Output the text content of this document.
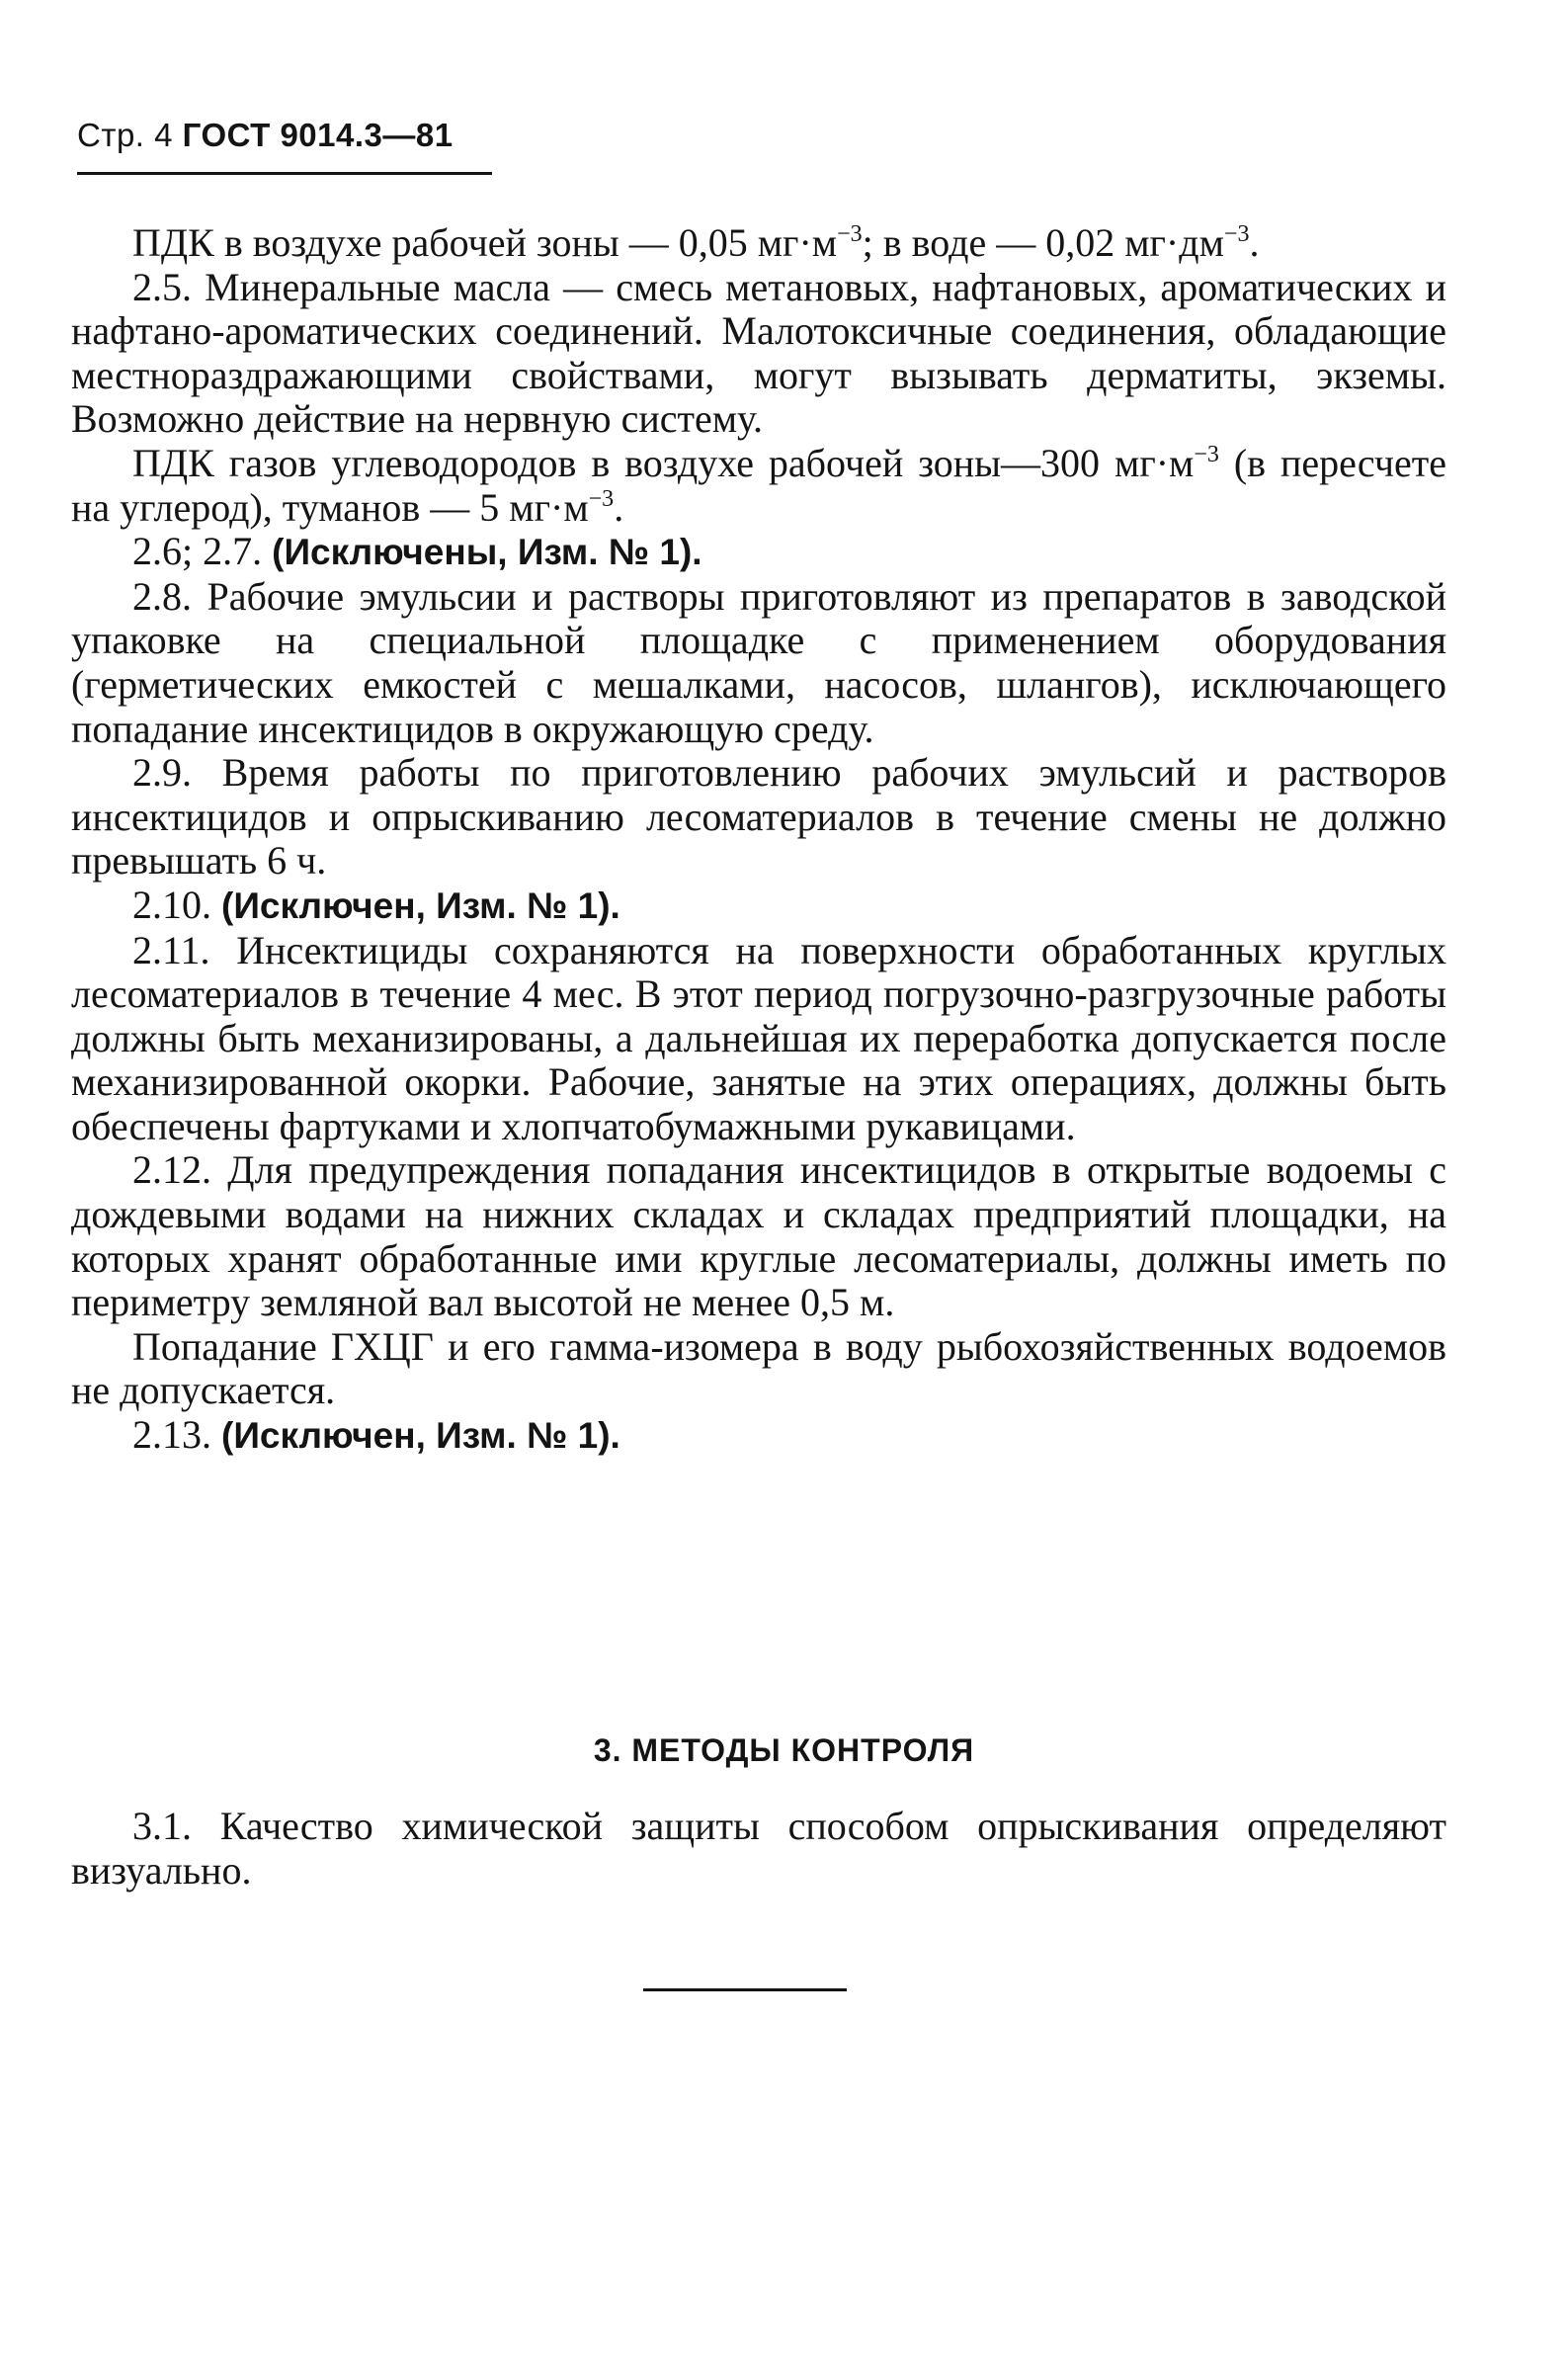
Стр. 4 ГОСТ 9014.3—81

ПДК в воздухе рабочей зоны — 0,05 $мг\cdot м^{-3}$; в воде — 0,02 $мг\cdot дм^{-3}$.

2.5. Минеральные масла — смесь метановых, нафтановых, ароматических и нафтано-ароматических соединений. Малотоксичные соединения, обладающие местнораздражающими свойствами, могут вызывать дерматиты, экземы. Возможно действие на нервную систему.

ПДК газов углеводородов в воздухе рабочей зоны—300 $мг\cdot м^{-3}$ (в пересчете на углерод), туманов — 5 $мг\cdot м^{-3}$.

2.6; 2.7. (Исключены, Изм. № 1).

2.8. Рабочие эмульсии и растворы приготовляют из препаратов в заводской упаковке на специальной площадке с применением оборудования (герметических емкостей с мешалками, насосов, шлангов), исключающего попадание инсектицидов в окружающую среду.

2.9. Время работы по приготовлению рабочих эмульсий и растворов инсектицидов и опрыскиванию лесоматериалов в течение смены не должно превышать 6 ч.

2.10. (Исключен, Изм. № 1).

2.11. Инсектициды сохраняются на поверхности обработанных круглых лесоматериалов в течение 4 мес. В этот период погрузочно-разгрузочные работы должны быть механизированы, а дальнейшая их переработка допускается после механизированной окорки. Рабочие, занятые на этих операциях, должны быть обеспечены фартуками и хлопчатобумажными рукавицами.

2.12. Для предупреждения попадания инсектицидов в открытые водоемы с дождевыми водами на нижних складах и складах предприятий площадки, на которых хранят обработанные ими круглые лесоматериалы, должны иметь по периметру земляной вал высотой не менее 0,5 м.

Попадание ГХЦГ и его гамма-изомера в воду рыбохозяйственных водоемов не допускается.

2.13. (Исключен, Изм. № 1).

3. МЕТОДЫ КОНТРОЛЯ

3.1. Качество химической защиты способом опрыскивания определяют визуально.
